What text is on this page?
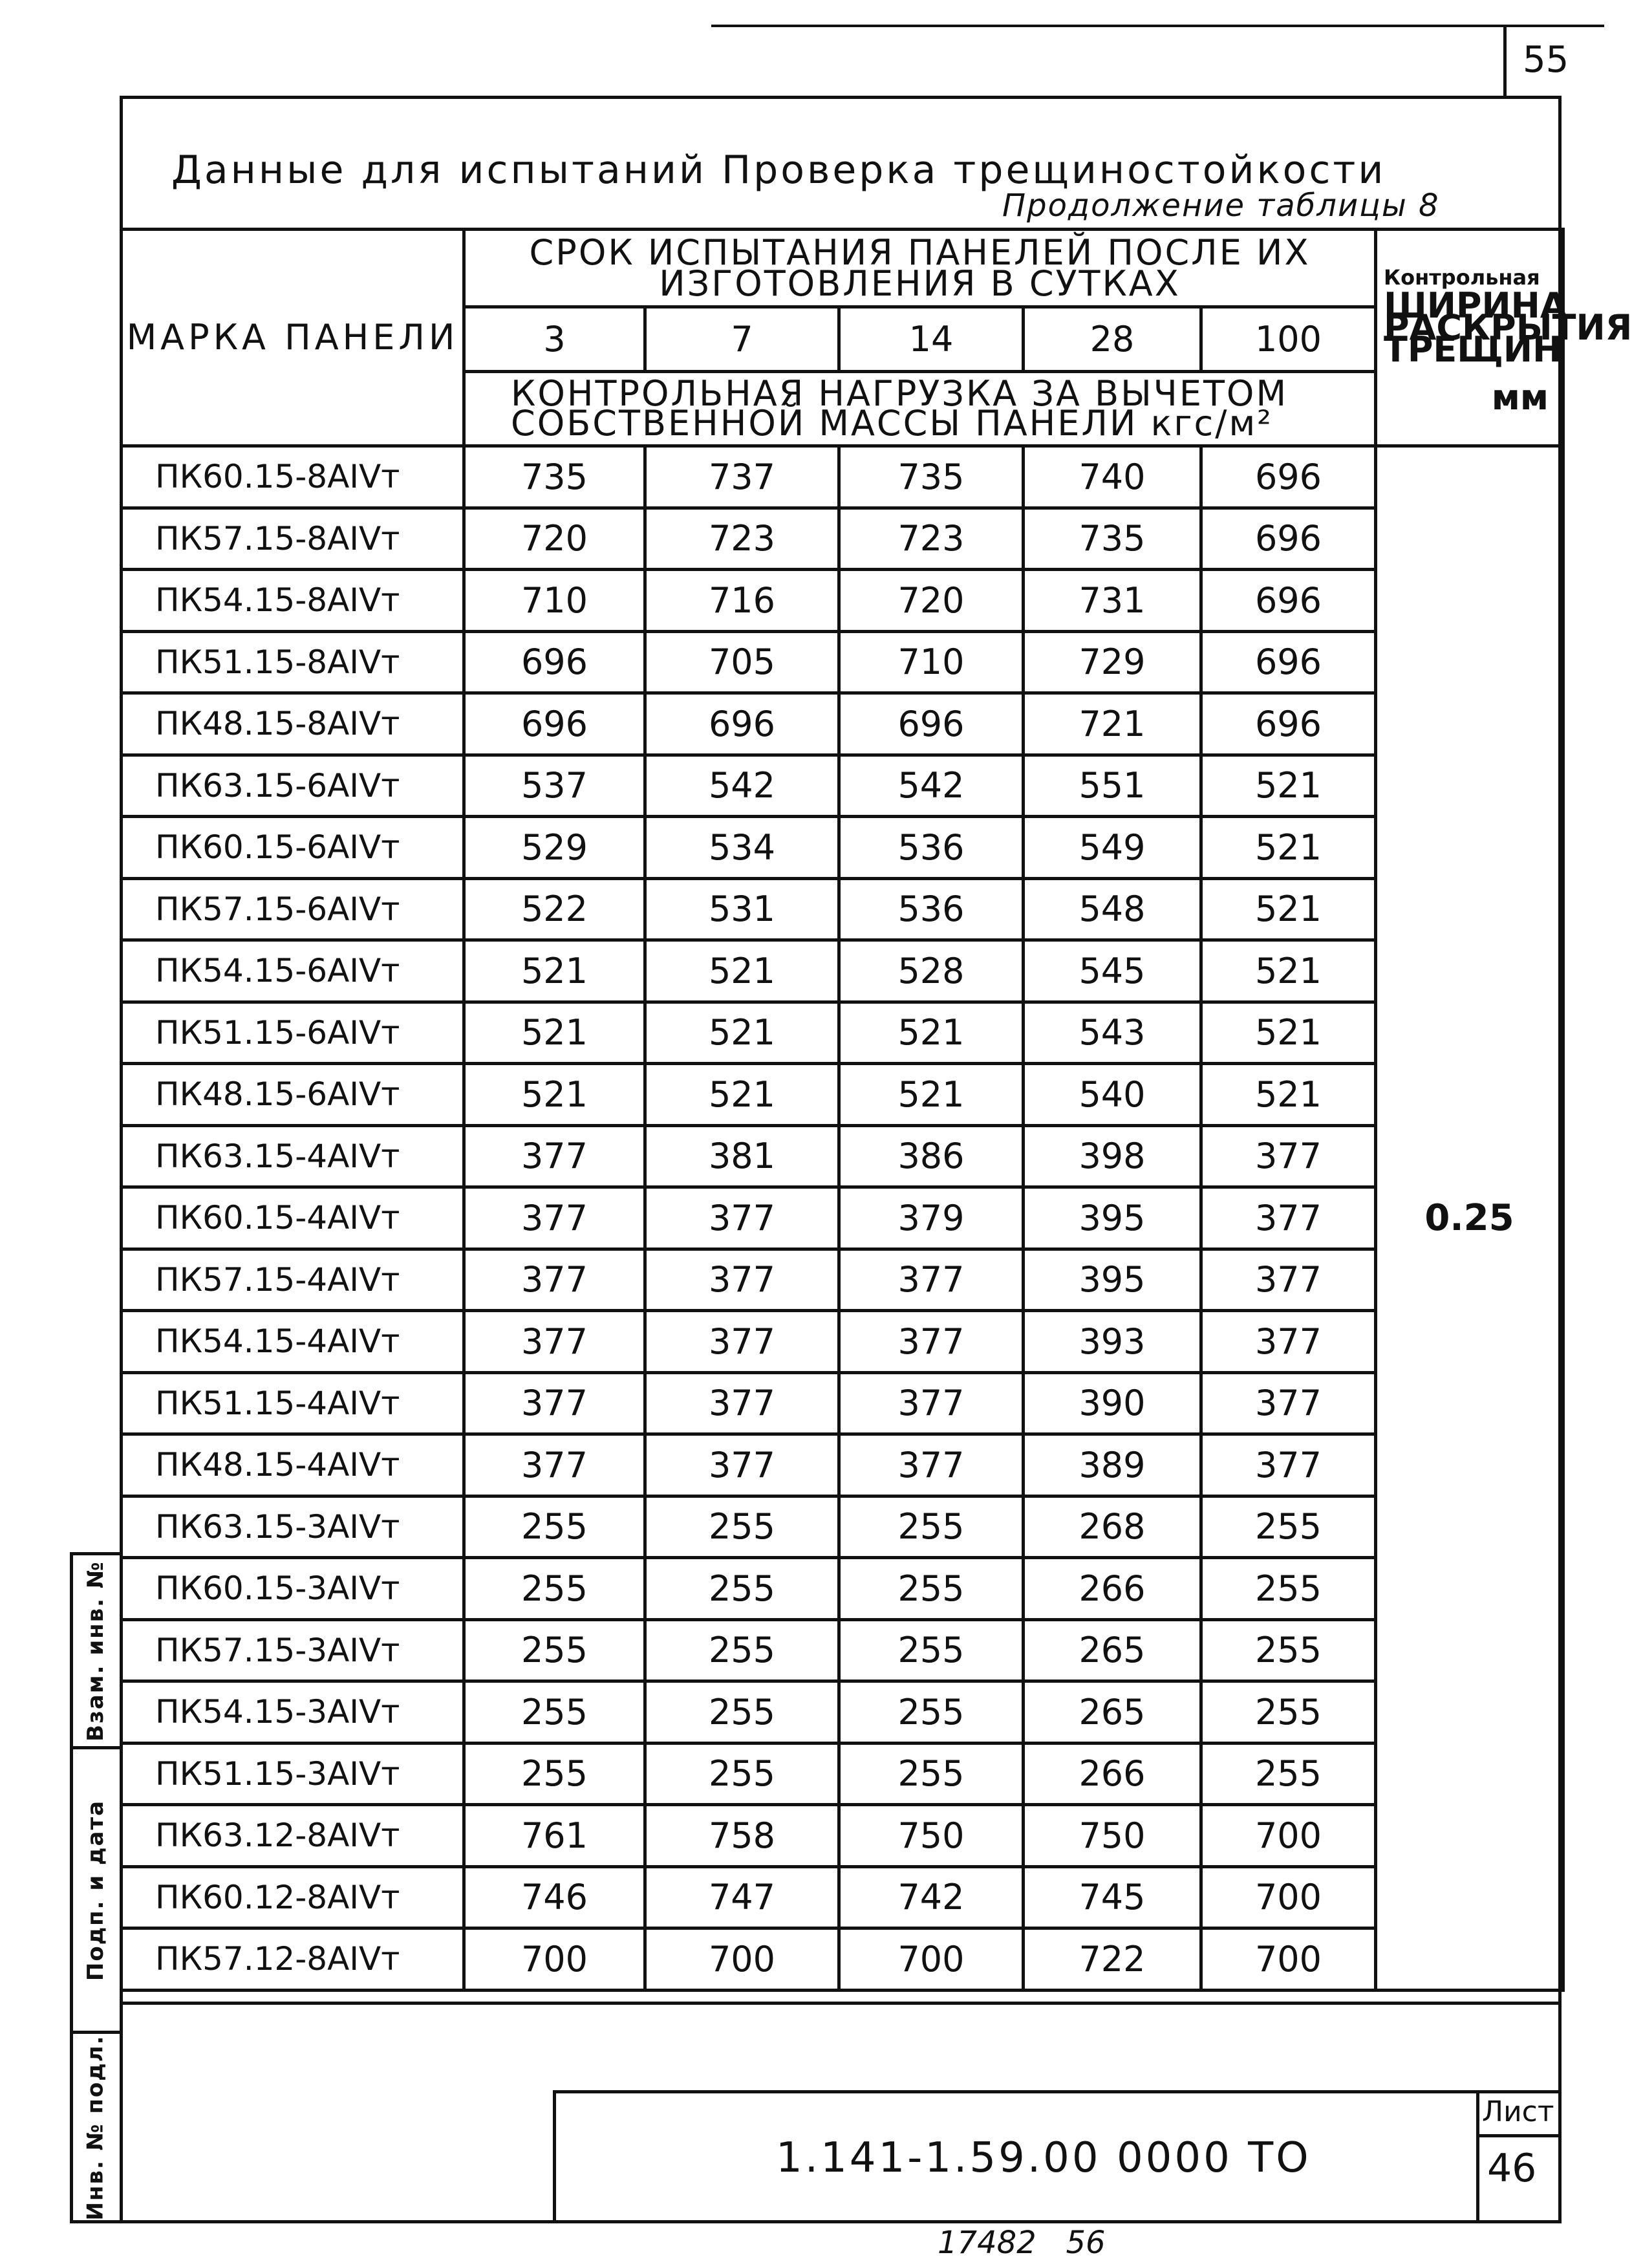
55
Данные для испытаний Проверка трещиностойкости
Продолжение таблицы 8
МАРКА ПАНЕЛИ	СРОК ИСПЫТАНИЯ ПАНЕЛЕЙ ПОСЛЕ ИХ ИЗГОТОВЛЕНИЯ В СУТКАХ					Контрольная
ШИРИНА РАСКРЫТИЯ ТРЕЩИН
мм

	3	7	14	28	100	
	КОНТРОЛЬНАЯ НАГРУЗКА ЗА ВЫЧЕТОМ СОБСТВЕННОЙ МАССЫ ПАНЕЛИ кгс/м²					
ПК60.15-8AIVт	735	737	735	740	696	0.25
ПК57.15-8AIVт	720	723	723	735	696	
ПК54.15-8AIVт	710	716	720	731	696	
ПК51.15-8AIVт	696	705	710	729	696	
ПК48.15-8AIVт	696	696	696	721	696	
ПК63.15-6AIVт	537	542	542	551	521	
ПК60.15-6AIVт	529	534	536	549	521	
ПК57.15-6AIVт	522	531	536	548	521	
ПК54.15-6AIVт	521	521	528	545	521	
ПК51.15-6AIVт	521	521	521	543	521	
ПК48.15-6AIVт	521	521	521	540	521	
ПК63.15-4AIVт	377	381	386	398	377	
ПК60.15-4AIVт	377	377	379	395	377	
ПК57.15-4AIVт	377	377	377	395	377	
ПК54.15-4AIVт	377	377	377	393	377	
ПК51.15-4AIVт	377	377	377	390	377	
ПК48.15-4AIVт	377	377	377	389	377	
ПК63.15-3AIVт	255	255	255	268	255	
ПК60.15-3AIVт	255	255	255	266	255	
ПК57.15-3AIVт	255	255	255	265	255	
ПК54.15-3AIVт	255	255	255	265	255	
ПК51.15-3AIVт	255	255	255	266	255	
ПК63.12-8AIVт	761	758	750	750	700	
ПК60.12-8AIVт	746	747	742	745	700	
ПК57.12-8AIVт	700	700	700	722	700	
1.141-1.59.00 0000 ТО
Лист
46
Взам. инв. №
Подп. и дата
Инв. № подл.
17482   56
